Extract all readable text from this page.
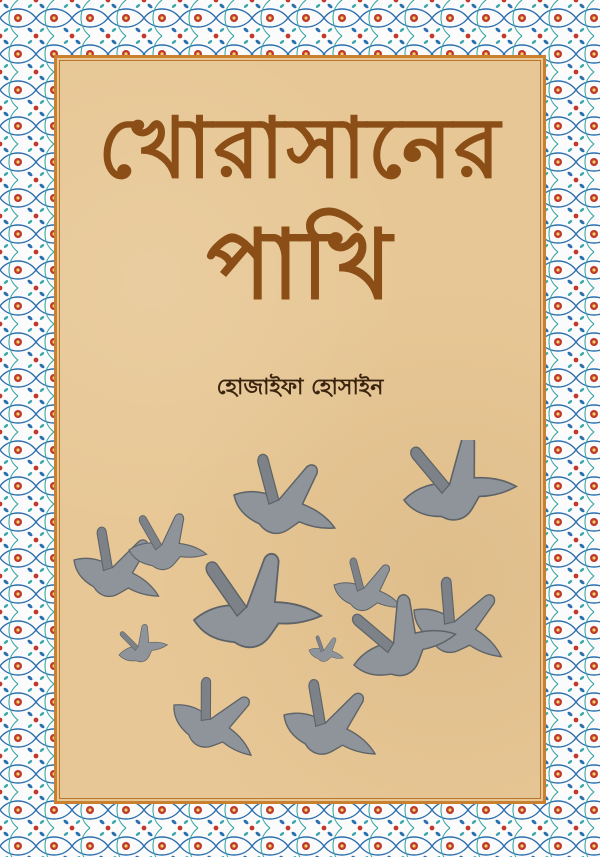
খোরাসানের
পাখি
হোজাইফা হোসাইন
